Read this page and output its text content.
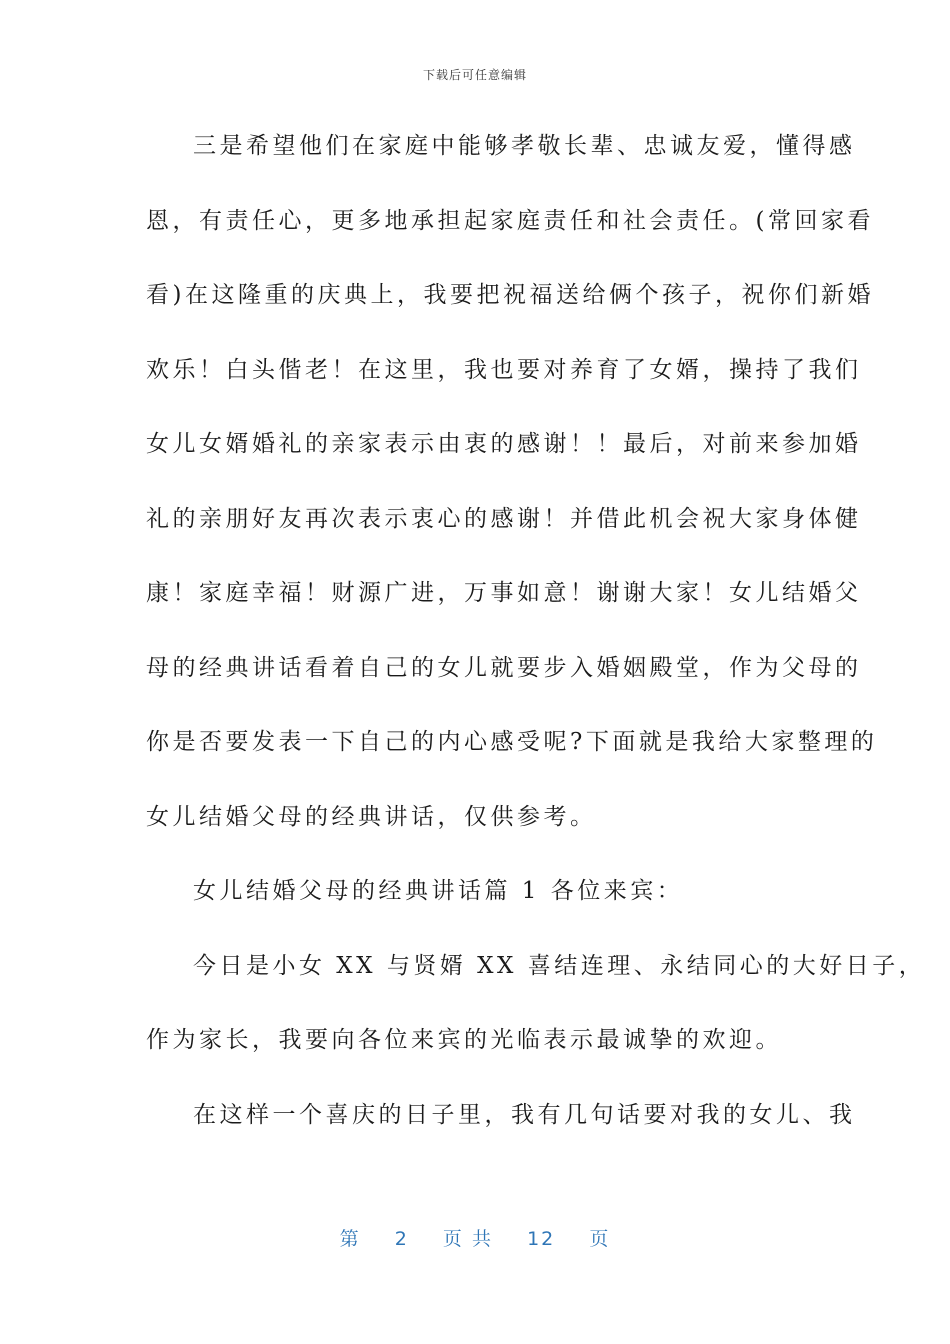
下载后可任意编辑
三是希望他们在家庭中能够孝敬长辈、忠诚友爱，懂得感
恩，有责任心，更多地承担起家庭责任和社会责任。(常回家看
看)在这隆重的庆典上，我要把祝福送给俩个孩子，祝你们新婚
欢乐！白头偕老！在这里，我也要对养育了女婿，操持了我们
女儿女婿婚礼的亲家表示由衷的感谢！！最后，对前来参加婚
礼的亲朋好友再次表示衷心的感谢！并借此机会祝大家身体健
康！家庭幸福！财源广进，万事如意！谢谢大家！女儿结婚父
母的经典讲话看着自己的女儿就要步入婚姻殿堂，作为父母的
你是否要发表一下自己的内心感受呢?下面就是我给大家整理的
女儿结婚父母的经典讲话，仅供参考。
女儿结婚父母的经典讲话篇 1 各位来宾：
今日是小女 XX 与贤婿 XX 喜结连理、永结同心的大好日子，
作为家长，我要向各位来宾的光临表示最诚挚的欢迎。
在这样一个喜庆的日子里，我有几句话要对我的女儿、我
第 2 页 共 12 页
